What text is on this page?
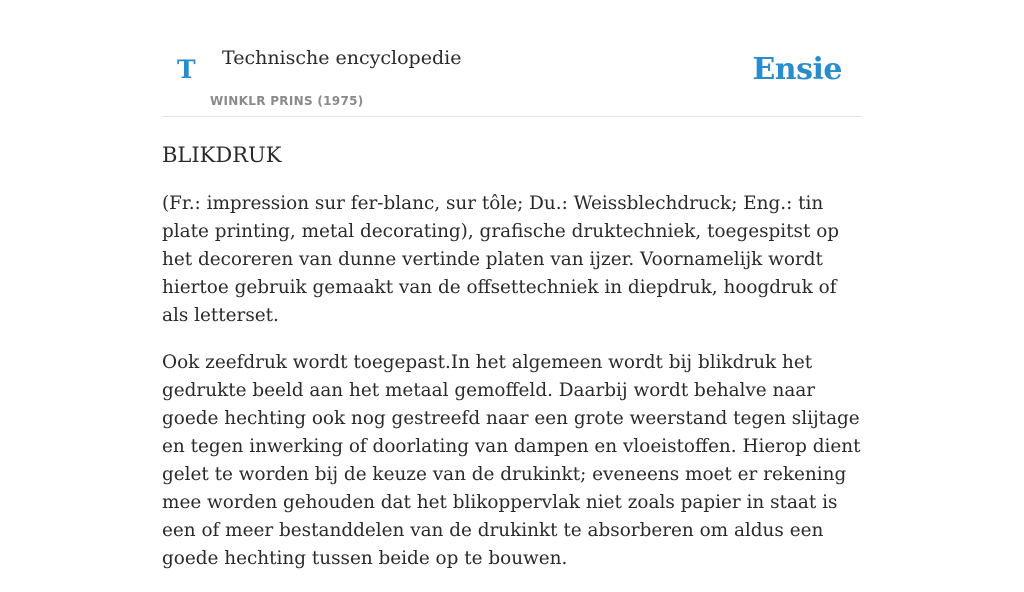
T Technische encyclopedie
WINKLR PRINS (1975)
Ensie
BLIKDRUK

(Fr.: impression sur fer-blanc, sur tôle; Du.: Weissblechdruck; Eng.: tin plate printing, metal decorating), grafische druktechniek, toegespitst op het decoreren van dunne vertinde platen van ijzer. Voornamelijk wordt hiertoe gebruik gemaakt van de offsettechniek in diepdruk, hoogdruk of als letterset.

Ook zeefdruk wordt toegepast.In het algemeen wordt bij blikdruk het gedrukte beeld aan het metaal gemoffeld. Daarbij wordt behalve naar goede hechting ook nog gestreefd naar een grote weerstand tegen slijtage en tegen inwerking of doorlating van dampen en vloeistoffen. Hierop dient gelet te worden bij de keuze van de drukinkt; eveneens moet er rekening mee worden gehouden dat het blikoppervlak niet zoals papier in staat is een of meer bestanddelen van de drukinkt te absorberen om aldus een goede hechting tussen beide op te bouwen.
